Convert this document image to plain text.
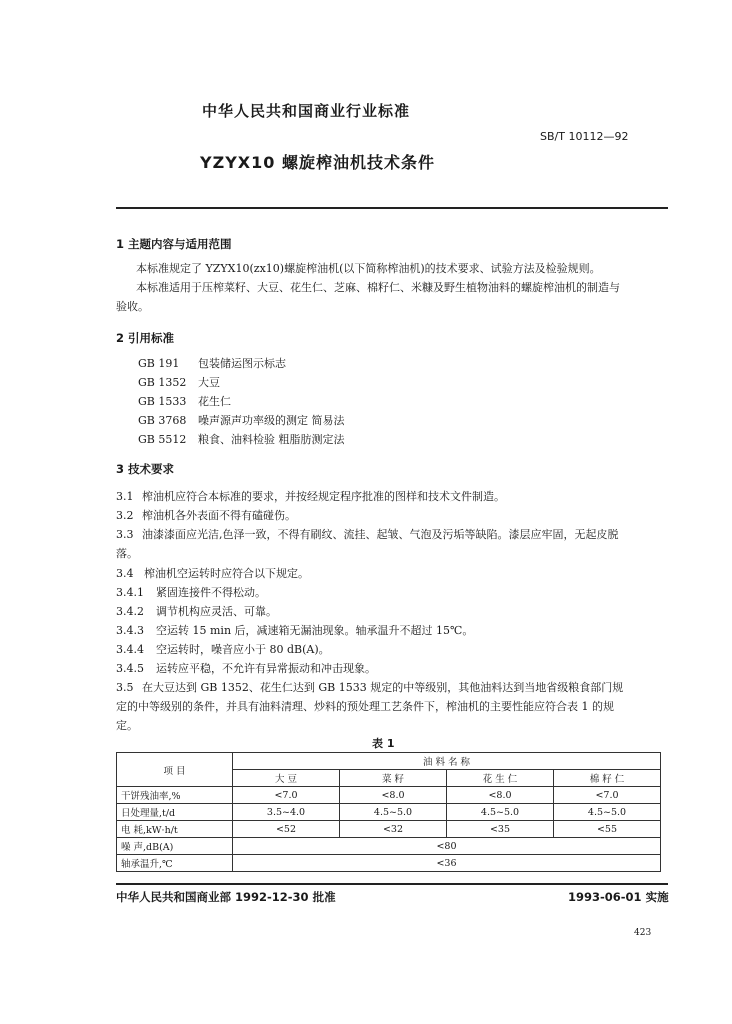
中华人民共和国商业行业标准
SB/T 10112—92
YZYX10 螺旋榨油机技术条件
1 主题内容与适用范围
本标准规定了 YZYX10(zx10)螺旋榨油机(以下简称榨油机)的技术要求、试验方法及检验规则。
本标准适用于压榨菜籽、大豆、花生仁、芝麻、棉籽仁、米糠及野生植物油料的螺旋榨油机的制造与
验收。
2 引用标准
GB 191 包装储运图示标志
GB 1352 大豆
GB 1533 花生仁
GB 3768 噪声源声功率级的测定 简易法
GB 5512 粮食、油料检验 粗脂肪测定法
3 技术要求
3.1 榨油机应符合本标准的要求，并按经规定程序批准的图样和技术文件制造。
3.2 榨油机各外表面不得有磕碰伤。
3.3 油漆漆面应光洁,色泽一致，不得有刷纹、流挂、起皱、气泡及污垢等缺陷。漆层应牢固，无起皮脱
落。
3.4 榨油机空运转时应符合以下规定。
3.4.1 紧固连接件不得松动。
3.4.2 调节机构应灵活、可靠。
3.4.3 空运转 15 min 后，减速箱无漏油现象。轴承温升不超过 15℃。
3.4.4 空运转时，噪音应小于 80 dB(A)。
3.4.5 运转应平稳，不允许有异常振动和冲击现象。
3.5 在大豆达到 GB 1352、花生仁达到 GB 1533 规定的中等级别，其他油料达到当地省级粮食部门规
定的中等级别的条件，并具有油料清理、炒料的预处理工艺条件下，榨油机的主要性能应符合表 1 的规
定。
表 1
项 目	油 料 名 称			
	大 豆	菜 籽	花 生 仁	棉 籽 仁
干饼残油率,%	<7.0	<8.0	<8.0	<7.0
日处理量,t/d	3.5~4.0	4.5~5.0	4.5~5.0	4.5~5.0
电 耗,kW·h/t	<52	<32	<35	<55
噪 声,dB(A)	<80			
轴承温升,℃	<36			
中华人民共和国商业部 1992-12-30 批准	1993-06-01 实施
423
